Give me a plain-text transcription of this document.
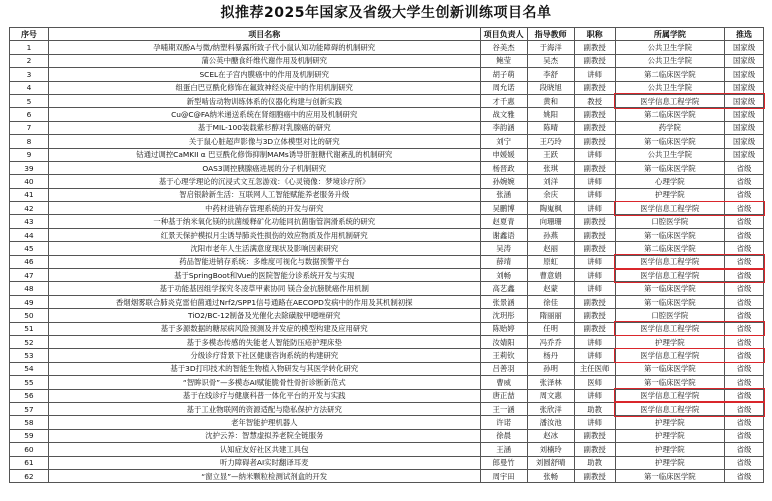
拟推荐2025年国家及省级大学生创新训练项目名单
序号	项目名称	项目负责人	指导教师	职称	所属学院	推选
1	孕哺期双酚A与微/纳塑料暴露所致子代小鼠认知功能障碍的机制研究	谷美杰	于海洋	副教授	公共卫生学院	国家级
2	蒲公英中醣食纤维代谢作用及机制研究	鲍莹	吴杰	副教授	公共卫生学院	国家级
3	SCEL在子宫内膜癌中的作用及机制研究	胡子萌	李舒	讲师	第二临床医学院	国家级
4	组蛋白巴豆酰化修饰在氟致神经炎症中的作用机制研究	周允诺	段晓旭	副教授	公共卫生学院	国家级
5	新型啮齿动物训练体系的仪器化构建与创新实践	才千惠	黄和	教授	医学信息工程学院	国家级
6	Cu@C@FA纳米递送系统在肾细胞癌中的应用及机制研究	战文雅	姚阳	副教授	第二临床医学院	国家级
7	基于MIL-100装载紫杉醇对乳腺癌的研究	李韵涵	陈晴	副教授	药学院	国家级
8	关于鼠心脏超声影像与3D立体模型对比的研究	刘宁	王巧玲	副教授	第一临床医学院	国家级
9	钴通过调控CaMKII α 巴豆酰化修饰抑制MAMs诱导肝脏糖代谢紊乱的机制研究	申媛媛	王跃	讲师	公共卫生学院	国家级
39	OAS3调控胰腺癌进展的分子机制研究	杨晋政	张琪	副教授	第一临床医学院	省级
40	基于心理学理论的沉浸式文互忽游戏：《心灵镜像：梦境诊疗所》	孙婉婉	刘洋	讲师	心理学院	省级
41	智启银龄新生活：互联网人工智能赋能养老服务升级	张涵	余庆	讲师	护理学院	省级
42	中药材进销存管理系统的开发与研究	吴鹏博	陶嵬枫	讲师	医学信息工程学院	省级
43	一种基于纳米氧化镁的抗菌缓释矿化功能同抗菌脂管润滑系统的研究	赵夏青	向珊珊	副教授	口腔医学院	省级
44	红景天保护模拟月尘诱导肺炎性损伤的效应物质及作用机制研究	谢鑫语	孙燕	副教授	第一临床医学院	省级
45	沈阳市老年人生活满意度现状及影响因素研究	吴涛	赵丽	副教授	第二临床医学院	省级
46	药品智能进销存系统：多维度可视化与数据预警平台	薛靖	原虹	讲师	医学信息工程学院	省级
47	基于SpringBoot和Vue的医院智能分诊系统开发与实现	刘畅	曹意娟	讲师	医学信息工程学院	省级
48	基于功能基因组学探究冬凌草甲素协同 镁合金抗膀胱癌作用机制	高艺鑫	赵蒙	讲师	第一临床医学院	省级
49	香烟烟雾联合肺炎克雷伯菌通过Nrf2/SPP1信号通路在AECOPD发病中的作用及其机制初探	张景涵	徐佳	副教授	第一临床医学院	省级
50	TiO2/BC-12制备及光催化去除磺胺甲噁唑研究	沈玥彤	隋丽丽	副教授	口腔医学院	省级
51	基于多源数据的糖尿病风险预测及并发症的模型构建及应用研究	陈贻婷	任明	副教授	医学信息工程学院	省级
52	基于多模态传感的失能老人智能防压疮护理床垫	汝婧阳	冯乔乔	讲师	护理学院	省级
53	分级诊疗背景下社区健康咨询系统的构建研究	王莉钦	杨丹	讲师	医学信息工程学院	省级
54	基于3D打印技术的智能生物植入物研发与其医学转化研究	吕善羽	孙明	主任医师	第一临床医学院	省级
55	“智眸识骨”—多模态AI赋能脆骨性骨折诊断新范式	曹威	张泽林	医师	第一临床医学院	省级
56	基于在线诊疗与健康科普一体化平台的开发与实践	唐正喆	周文惠	讲师	医学信息工程学院	省级
57	基于工业物联网的资源适配与隐私保护方法研究	王一涵	张欣洋	助教	医学信息工程学院	省级
58	老年智能护理机器人	许诺	潘汝池	讲师	护理学院	省级
59	沈护云养：智慧虚拟养老院全链服务	徐晨	赵冰	副教授	护理学院	省级
60	认知症友好社区共建工具包	王涵	刘楠玲	副教授	护理学院	省级
61	听力障碍者AI实时翻译耳麦	郎曼竹	刘圆舒晴	助教	护理学院	省级
62	“窗立显”—纳米颗粒检测试剂盒的开发	周宇田	张畅	副教授	第一临床医学院	省级
